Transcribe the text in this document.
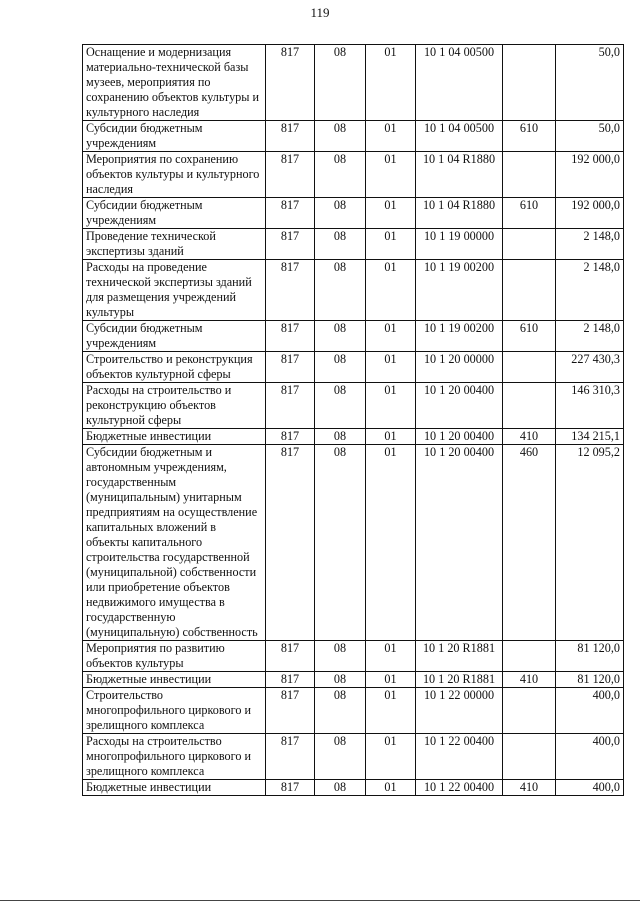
119
Оснащение и модернизация материально-технической базы музеев, мероприятия по сохранению объектов культуры и культурного наследия	817	08	01	10 1 04 00500		50,0
Субсидии бюджетным учреждениям	817	08	01	10 1 04 00500	610	50,0
Мероприятия по сохранению объектов культуры и культурного наследия	817	08	01	10 1 04 R1880		192 000,0
Субсидии бюджетным учреждениям	817	08	01	10 1 04 R1880	610	192 000,0
Проведение технической экспертизы зданий	817	08	01	10 1 19 00000		2 148,0
Расходы на проведение технической экспертизы зданий для размещения учреждений культуры	817	08	01	10 1 19 00200		2 148,0
Субсидии бюджетным учреждениям	817	08	01	10 1 19 00200	610	2 148,0
Строительство и реконструкция объектов культурной сферы	817	08	01	10 1 20 00000		227 430,3
Расходы на строительство и реконструкцию объектов культурной сферы	817	08	01	10 1 20 00400		146 310,3
Бюджетные инвестиции	817	08	01	10 1 20 00400	410	134 215,1
Субсидии бюджетным и автономным учреждениям, государственным (муниципальным) унитарным предприятиям на осуществление капитальных вложений в объекты капитального строительства государственной (муниципальной) собственности или приобретение объектов недвижимого имущества в государственную (муниципальную) собственность	817	08	01	10 1 20 00400	460	12 095,2
Мероприятия по развитию объектов культуры	817	08	01	10 1 20 R1881		81 120,0
Бюджетные инвестиции	817	08	01	10 1 20 R1881	410	81 120,0
Строительство многопрофильного циркового и зрелищного комплекса	817	08	01	10 1 22 00000		400,0
Расходы на строительство многопрофильного циркового и зрелищного комплекса	817	08	01	10 1 22 00400		400,0
Бюджетные инвестиции	817	08	01	10 1 22 00400	410	400,0
